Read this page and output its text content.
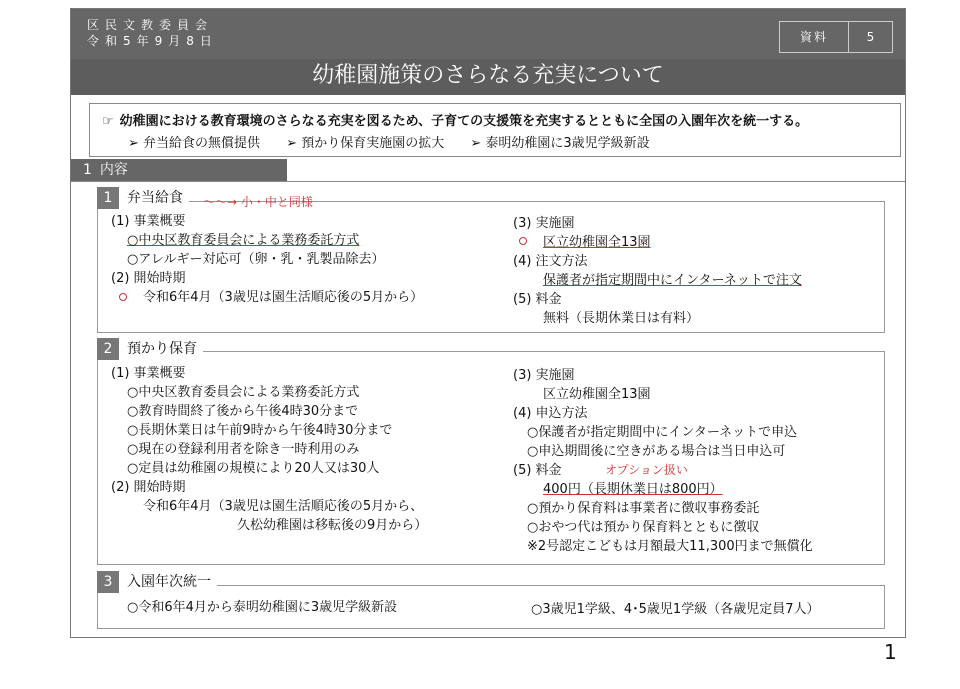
区民文教委員会
令和5年9月8日	資料	5
幼稚園施策のさらなる充実について
☞ 幼稚園における教育環境のさらなる充実を図るため、子育ての支援策を充実するとともに全国の入園年次を統一する。
➢ 弁当給食の無償提供 ➢ 預かり保育実施園の拡大 ➢ 泰明幼稚園に3歳児学級新設
1 内容
1	弁当給食 〜〜→ 小・中と同様
(1) 事業概要
○中央区教育委員会による業務委託方式
○アレルギー対応可（卵・乳・乳製品除去）
(2) 開始時期
令和6年4月（3歳児は園生活順応後の5月から）
(3) 実施園
区立幼稚園全13園
(4) 注文方法
保護者が指定期間中にインターネットで注文
(5) 料金
無料（長期休業日は有料）
2	預かり保育
(1) 事業概要
○中央区教育委員会による業務委託方式
○教育時間終了後から午後4時30分まで
○長期休業日は午前9時から午後4時30分まで
○現在の登録利用者を除き一時利用のみ
○定員は幼稚園の規模により20人又は30人
(2) 開始時期
令和6年4月（3歳児は園生活順応後の5月から、
久松幼稚園は移転後の9月から）
(3) 実施園
区立幼稚園全13園
(4) 申込方法
○保護者が指定期間中にインターネットで申込
○申込期間後に空きがある場合は当日申込可
(5) 料金	オプション扱い
400円（長期休業日は800円）
○預かり保育料は事業者に徴収事務委託
○おやつ代は預かり保育料とともに徴収
※2号認定こどもは月額最大11,300円まで無償化
3	入園年次統一
○令和6年4月から泰明幼稚園に3歳児学級新設	○3歳児1学級、4･5歳児1学級（各歳児定員7人）
1
